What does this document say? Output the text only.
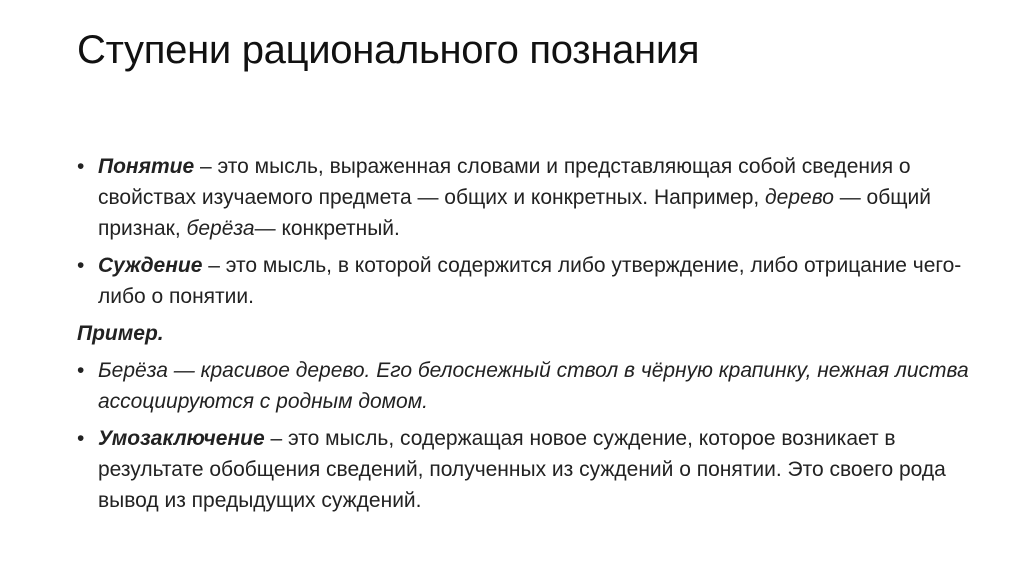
Ступени рационального познания
• Понятие – это мысль, выраженная словами и представляющая собой сведения о свойствах изучаемого предмета — общих и конкретных. Например, дерево — общий признак, берёза— конкретный.
• Суждение – это мысль, в которой содержится либо утверждение, либо отрицание чего- либо о понятии.
Пример.
• Берёза — красивое дерево. Его белоснежный ствол в чёрную крапинку, нежная листва ассоциируются с родным домом.
• Умозаключение – это мысль, содержащая новое суждение, которое возникает в результате обобщения сведений, полученных из суждений о понятии. Это своего рода вывод из предыдущих суждений.
